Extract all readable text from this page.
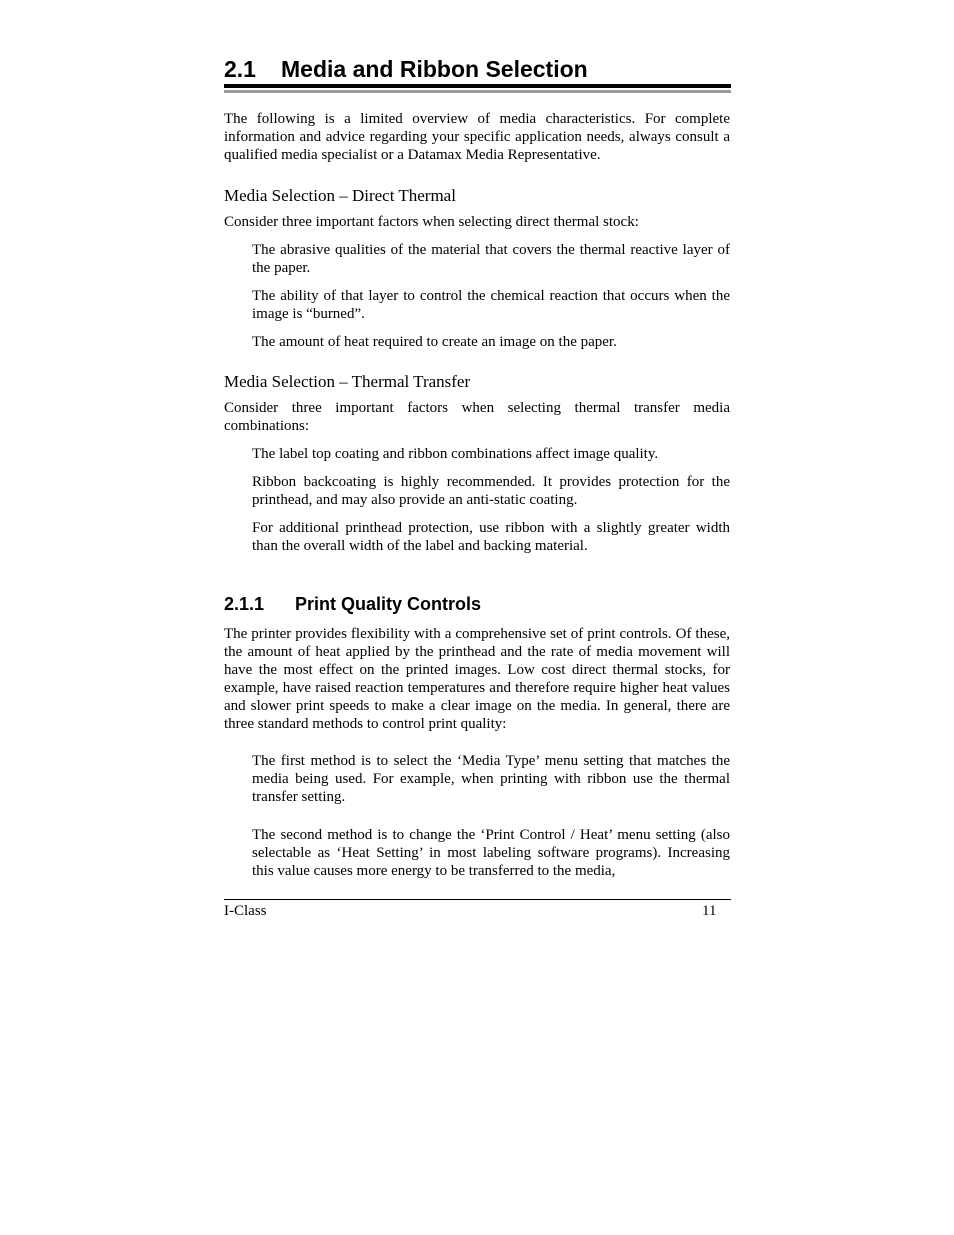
2.1 Media and Ribbon Selection

The following is a limited overview of media characteristics. For complete information and advice regarding your specific application needs, always consult a qualified media specialist or a Datamax Media Representative.

Media Selection – Direct Thermal

Consider three important factors when selecting direct thermal stock:

The abrasive qualities of the material that covers the thermal reactive layer of the paper.

The ability of that layer to control the chemical reaction that occurs when the image is “burned”.

The amount of heat required to create an image on the paper.

Media Selection – Thermal Transfer

Consider three important factors when selecting thermal transfer media combinations:

The label top coating and ribbon combinations affect image quality.

Ribbon backcoating is highly recommended. It provides protection for the printhead, and may also provide an anti-static coating.

For additional printhead protection, use ribbon with a slightly greater width than the overall width of the label and backing material.

2.1.1 Print Quality Controls

The printer provides flexibility with a comprehensive set of print controls. Of these, the amount of heat applied by the printhead and the rate of media movement will have the most effect on the printed images. Low cost direct thermal stocks, for example, have raised reaction temperatures and therefore require higher heat values and slower print speeds to make a clear image on the media. In general, there are three standard methods to control print quality:

The first method is to select the ‘Media Type’ menu setting that matches the media being used. For example, when printing with ribbon use the thermal transfer setting.

The second method is to change the ‘Print Control / Heat’ menu setting (also selectable as ‘Heat Setting’ in most labeling software programs). Increasing this value causes more energy to be transferred to the media,

I-Class	11
